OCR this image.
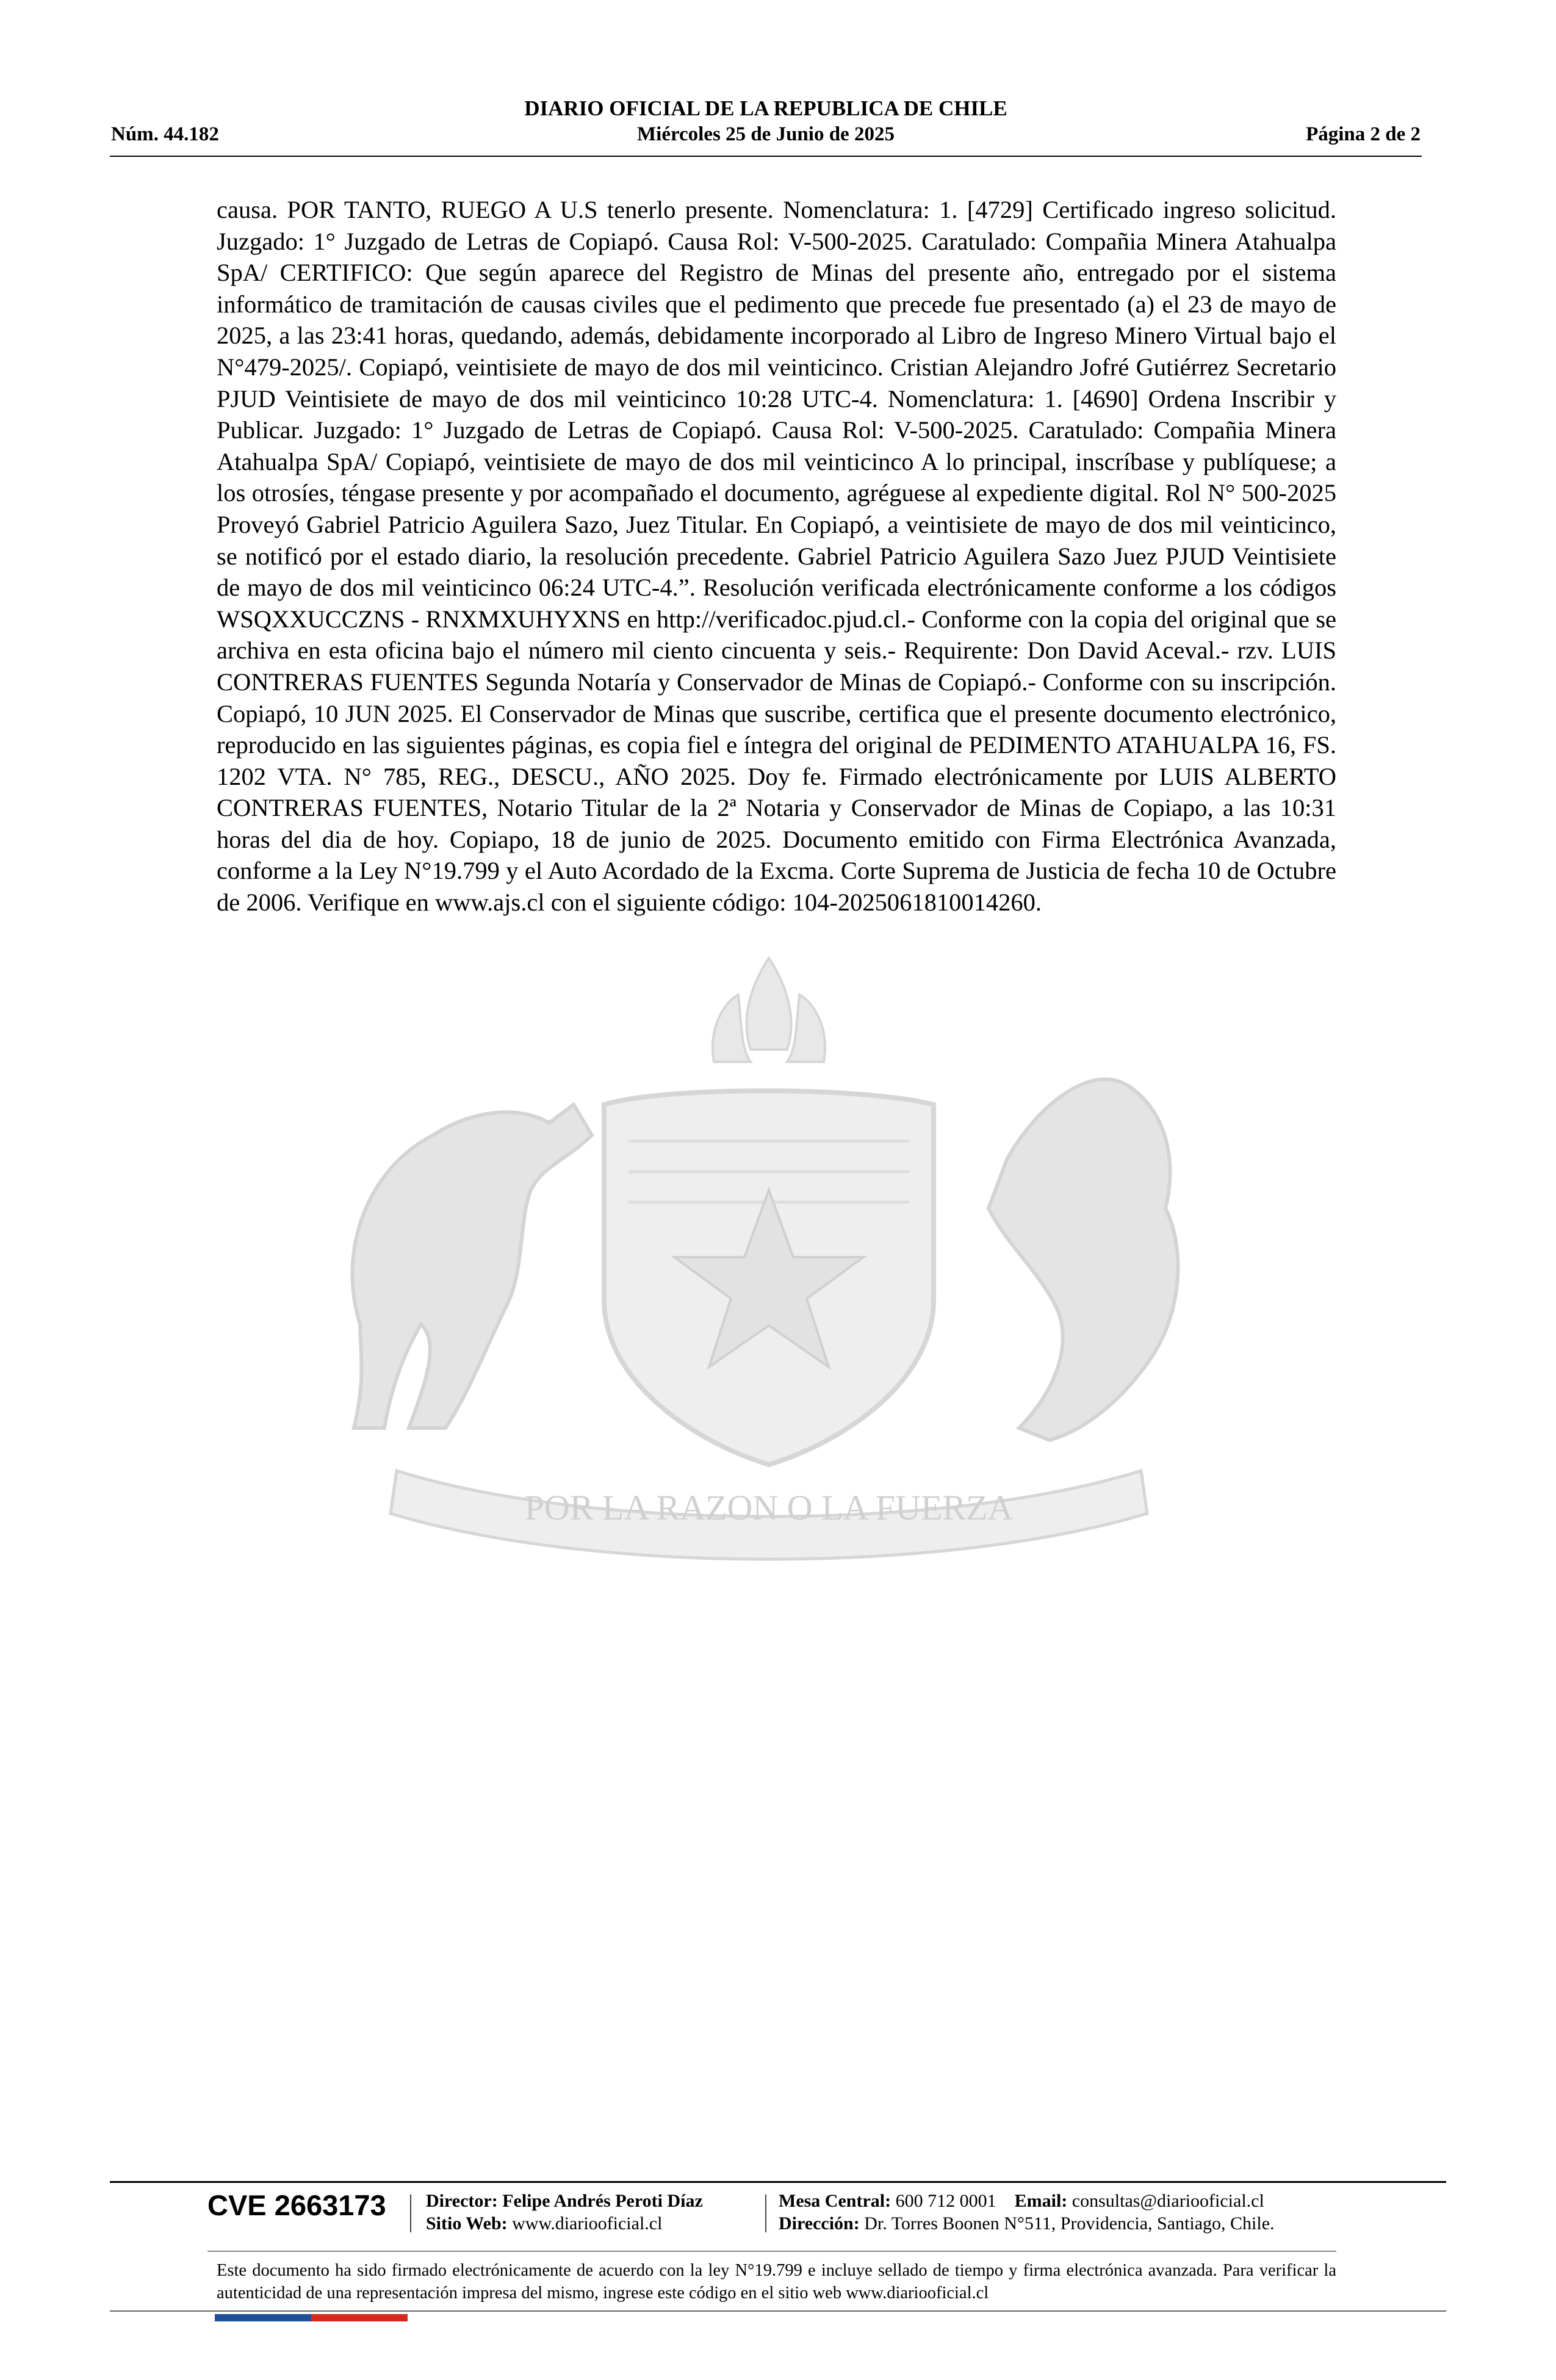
DIARIO OFICIAL DE LA REPUBLICA DE CHILE
Núm. 44.182	Miércoles 25 de Junio de 2025	Página 2 de 2
POR LA RAZON O LA FUERZA
causa. POR TANTO, RUEGO A U.S tenerlo presente. Nomenclatura: 1. [4729] Certificado ingreso solicitud. Juzgado: 1° Juzgado de Letras de Copiapó. Causa Rol: V-500-2025. Caratulado: Compañia Minera Atahualpa SpA/ CERTIFICO: Que según aparece del Registro de Minas del presente año, entregado por el sistema informático de tramitación de causas civiles que el pedimento que precede fue presentado (a) el 23 de mayo de 2025, a las 23:41 horas, quedando, además, debidamente incorporado al Libro de Ingreso Minero Virtual bajo el N°479-2025/. Copiapó, veintisiete de mayo de dos mil veinticinco. Cristian Alejandro Jofré Gutiérrez Secretario PJUD Veintisiete de mayo de dos mil veinticinco 10:28 UTC-4. Nomenclatura: 1. [4690] Ordena Inscribir y Publicar. Juzgado: 1° Juzgado de Letras de Copiapó. Causa Rol: V-500-2025. Caratulado: Compañia Minera Atahualpa SpA/ Copiapó, veintisiete de mayo de dos mil veinticinco A lo principal, inscríbase y publíquese; a los otrosíes, téngase presente y por acompañado el documento, agréguese al expediente digital. Rol N° 500-2025 Proveyó Gabriel Patricio Aguilera Sazo, Juez Titular. En Copiapó, a veintisiete de mayo de dos mil veinticinco, se notificó por el estado diario, la resolución precedente. Gabriel Patricio Aguilera Sazo Juez PJUD Veintisiete de mayo de dos mil veinticinco 06:24 UTC-4.”. Resolución verificada electrónicamente conforme a los códigos WSQXXUCCZNS - RNXMXUHYXNS en http://verificadoc.pjud.cl.- Conforme con la copia del original que se archiva en esta oficina bajo el número mil ciento cincuenta y seis.- Requirente: Don David Aceval.- rzv. LUIS CONTRERAS FUENTES Segunda Notaría y Conservador de Minas de Copiapó.- Conforme con su inscripción. Copiapó, 10 JUN 2025. El Conservador de Minas que suscribe, certifica que el presente documento electrónico, reproducido en las siguientes páginas, es copia fiel e íntegra del original de PEDIMENTO ATAHUALPA 16, FS. 1202 VTA. N° 785, REG., DESCU., AÑO 2025. Doy fe. Firmado electrónicamente por LUIS ALBERTO CONTRERAS FUENTES, Notario Titular de la 2ª Notaria y Conservador de Minas de Copiapo, a las 10:31 horas del dia de hoy. Copiapo, 18 de junio de 2025. Documento emitido con Firma Electrónica Avanzada, conforme a la Ley N°19.799 y el Auto Acordado de la Excma. Corte Suprema de Justicia de fecha 10 de Octubre de 2006. Verifique en www.ajs.cl con el siguiente código: 104-2025061810014260.
CVE 2663173 Director: Felipe Andrés Peroti Díaz
Sitio Web: www.diariooficial.cl
Mesa Central: 600 712 0001 Email: consultas@diariooficial.cl
Dirección: Dr. Torres Boonen N°511, Providencia, Santiago, Chile.
Este documento ha sido firmado electrónicamente de acuerdo con la ley N°19.799 e incluye sellado de tiempo y firma electrónica avanzada. Para verificar la autenticidad de una representación impresa del mismo, ingrese este código en el sitio web www.diariooficial.cl
